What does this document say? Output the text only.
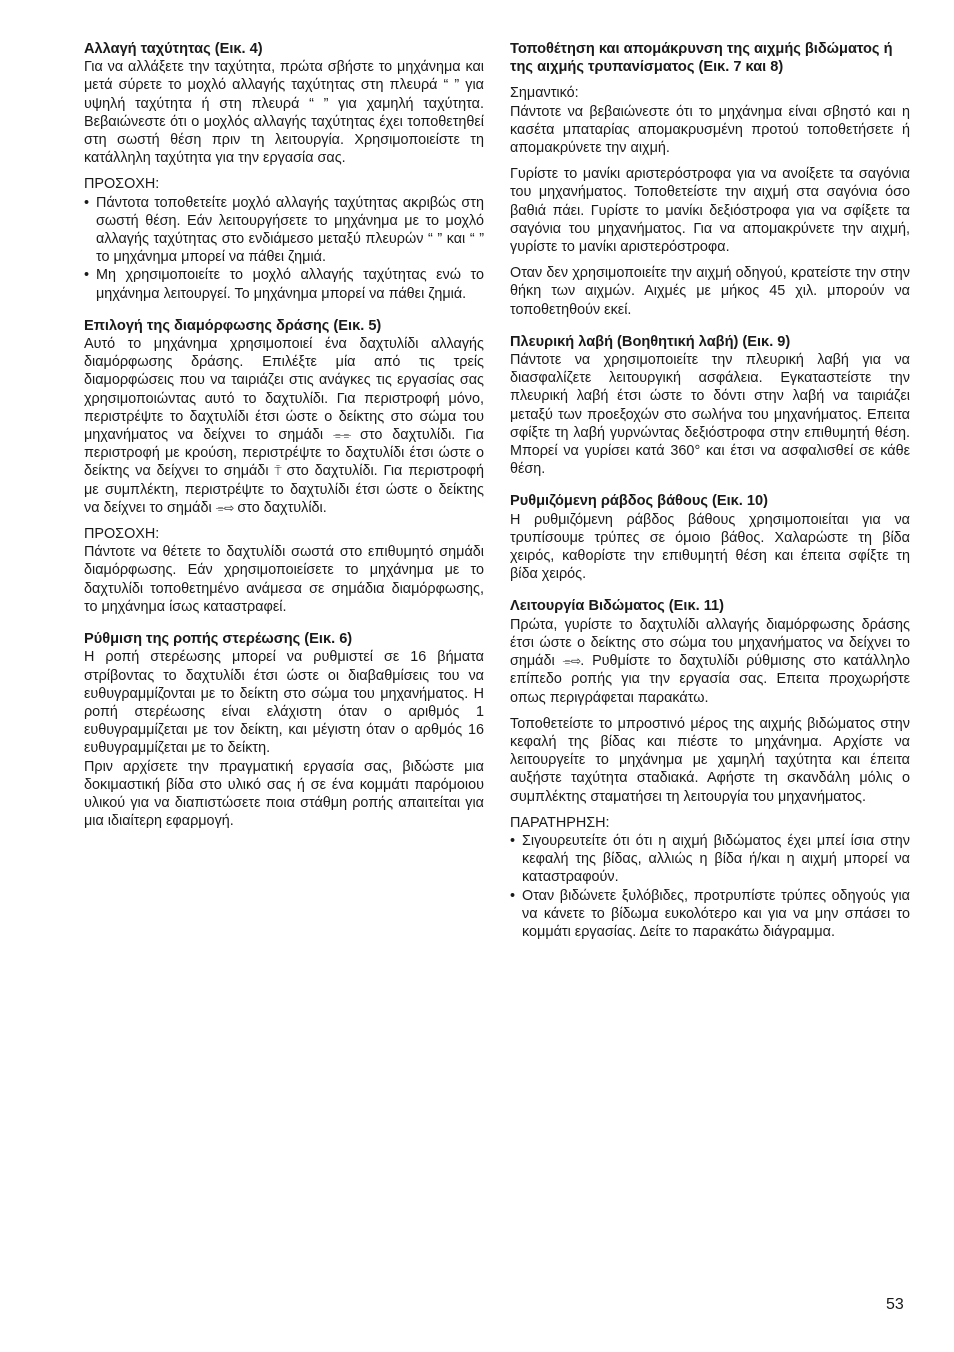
Αλλαγή ταχύτητας (Εικ. 4)

Για να αλλάξετε την ταχύτητα, πρώτα σβήστε το μηχάνημα και μετά σύρετε το μοχλό αλλαγής ταχύτητας στη πλευρά “ ” για υψηλή ταχύτητα ή στη πλευρά “ ” για χαμηλή ταχύτητα. Βεβαιώνεστε ότι ο μοχλός αλλαγής ταχύτητας έχει τοποθετηθεί στη σωστή θέση πριν τη λειτουργία. Χρησιμοποιείστε τη κατάλληλη ταχύτητα για την εργασία σας.

ΠΡΟΣΟΧΗ:

• Πάντοτα τοποθετείτε μοχλό αλλαγής ταχύτητας ακριβώς στη σωστή θέση. Εάν λειτουργήσετε το μηχάνημα με το μοχλό αλλαγής ταχύτητας στο ενδιάμεσο μεταξύ πλευρών “ ” και “ ” το μηχάνημα μπορεί να πάθει ζημιά.
• Μη χρησιμοποιείτε το μοχλό αλλαγής ταχύτητας ενώ το μηχάνημα λειτουργεί. Το μηχάνημα μπορεί να πάθει ζημιά.
Επιλογή της διαμόρφωσης δράσης (Εικ. 5)

Αυτό το μηχάνημα χρησιμοποιεί ένα δαχτυλίδι αλλαγής διαμόρφωσης δράσης. Επιλέξτε μία από τις τρείς διαμορφώσεις που να ταιριάζει στις ανάγκες τις εργασίας σας χρησιμοποιώντας αυτό το δαχτυλίδι. Για περιστροφή μόνο, περιστρέψτε το δαχτυλίδι έτσι ώστε ο δείκτης στο σώμα του μηχανήματος να δείχνει το σημάδι ⌯⌯ στο δαχτυλίδι. Για περιστροφή με κρούση, περιστρέψτε το δαχτυλίδι έτσι ώστε ο δείκτης να δείχνει το σημάδι ⍑ στο δαχτυλίδι. Για περιστροφή με συμπλέκτη, περιστρέψτε το δαχτυλίδι έτσι ώστε ο δείκτης να δείχνει το σημάδι ⌯⇨ στο δαχτυλίδι.

ΠΡΟΣΟΧΗ:

Πάντοτε να θέτετε το δαχτυλίδι σωστά στο επιθυμητό σημάδι διαμόρφωσης. Εάν χρησιμοποιείσετε το μηχάνημα με το δαχτυλίδι τοποθετημένο ανάμεσα σε σημάδια διαμόρφωσης, το μηχάνημα ίσως καταστραφεί.

Ρύθμιση της ροπής στερέωσης (Εικ. 6)

Η ροπή στερέωσης μπορεί να ρυθμιστεί σε 16 βήματα στρίβοντας το δαχτυλίδι έτσι ώστε οι διαβαθμίσεις του να ευθυγραμμίζονται με το δείκτη στο σώμα του μηχανήματος. Η ροπή στερέωσης είναι ελάχιστη όταν ο αριθμός 1 ευθυγραμμίζεται με τον δείκτη, και μέγιστη όταν ο αρθμός 16 ευθυγραμμίζεται με το δείκτη.

Πριν αρχίσετε την πραγματική εργασία σας, βιδώστε μια δοκιμαστική βίδα στο υλικό σας ή σε ένα κομμάτι παρόμοιου υλικού για να διαπιστώσετε ποια στάθμη ροπής απαιτείται για μια ιδιαίτερη εφαρμογή.

Τοποθέτηση και απομάκρυνση της αιχμής βιδώματος ή της αιχμής τρυπανίσματος (Εικ. 7 και 8)

Σημαντικό:

Πάντοτε να βεβαιώνεστε ότι το μηχάνημα είναι σβηστό και η κασέτα μπαταρίας απομακρυσμένη προτού τοποθετήσετε ή απομακρύνετε την αιχμή.

Γυρίστε το μανίκι αριστερόστροφα για να ανοίξετε τα σαγόνια του μηχανήματος. Τοποθετείστε την αιχμή στα σαγόνια όσο βαθιά πάει. Γυρίστε το μανίκι δεξιόστροφα για να σφίξετε τα σαγόνια του μηχανήματος. Για να απομακρύνετε την αιχμή, γυρίστε το μανίκι αριστερόστροφα.

Οταν δεν χρησιμοποιείτε την αιχμή οδηγού, κρατείστε την στην θήκη των αιχμών. Αιχμές με μήκος 45 χιλ. μπορούν να τοποθετηθούν εκεί.

Πλευρική λαβή (Βοηθητική λαβή) (Εικ. 9)

Πάντοτε να χρησιμοποιείτε την πλευρική λαβή για να διασφαλίζετε λειτουργική ασφάλεια. Εγκαταστείστε την πλευρική λαβή έτσι ώστε το δόντι στην λαβή να ταιριάζει μεταξύ των προεξοχών στο σωλήνα του μηχανήματος. Επειτα σφίξτε τη λαβή γυρνώντας δεξιόστροφα στην επιθυμητή θέση. Μπορεί να γυρίσει κατά 360° και έτσι να ασφαλισθεί σε κάθε θέση.

Ρυθμιζόμενη ράβδος βάθους (Εικ. 10)

Η ρυθμιζόμενη ράβδος βάθους χρησιμοποιείται για να τρυπίσουμε τρύπες σε όμοιο βάθος. Χαλαρώστε τη βίδα χειρός, καθορίστε την επιθυμητή θέση και έπειτα σφίξτε τη βίδα χειρός.

Λειτουργία Βιδώματος (Εικ. 11)

Πρώτα, γυρίστε το δαχτυλίδι αλλαγής διαμόρφωσης δράσης έτσι ώστε ο δείκτης στο σώμα του μηχανήματος να δείχνει το σημάδι ⌯⇨. Ρυθμίστε το δαχτυλίδι ρύθμισης στο κατάλληλο επίπεδο ροπής για την εργασία σας. Επειτα προχωρήστε οπως περιγράφεται παρακάτω.

Τοποθετείστε το μπροστινό μέρος της αιχμής βιδώματος στην κεφαλή της βίδας και πιέστε το μηχάνημα. Αρχίστε να λειτουργείτε το μηχάνημα με χαμηλή ταχύτητα και έπειτα αυξήστε ταχύτητα σταδιακά. Αφήστε τη σκανδάλη μόλις ο συμπλέκτης σταματήσει τη λειτουργία του μηχανήματος.

ΠΑΡΑΤΗΡΗΣΗ:

• Σιγουρευτείτε ότι ότι η αιχμή βιδώματος έχει μπεί ίσια στην κεφαλή της βίδας, αλλιώς η βίδα ή/και η αιχμή μπορεί να καταστραφούν.
• Οταν βιδώνετε ξυλόβιδες, προτρυπίστε τρύπες οδηγούς για να κάνετε το βίδωμα ευκολότερο και για να μην σπάσει το κομμάτι εργασίας. Δείτε το παρακάτω διάγραμμα.
53
